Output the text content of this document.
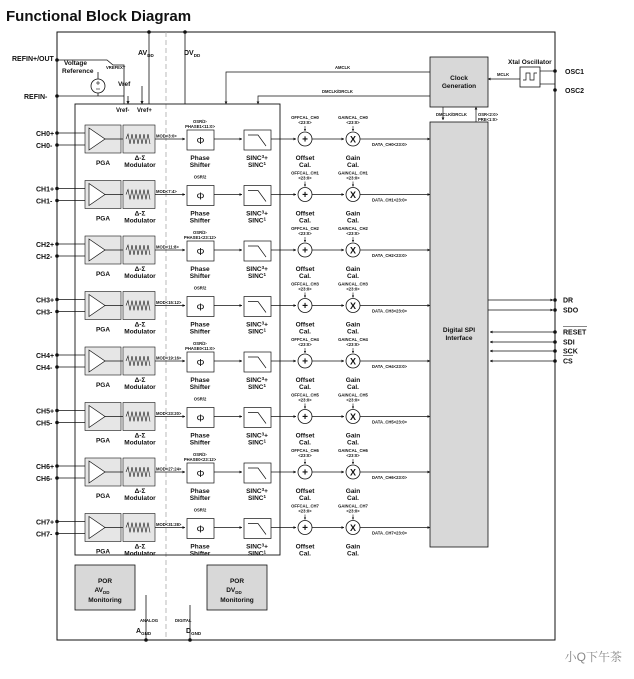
Functional Block Diagram
小Q下午茶
$AV_{DD}$	$DV_{DD}$
ANALOG	DIGITAL
$A_{GND}$	$D_{GND}$
REFIN+/OUT
REFIN-
Voltage
Reference
VREFEXT
Vref
Vref- Vref+
Clock
Generation
AMCLK
DMCLK/DRCLK
DMCLK/DRCLK	OSR<2:0>
PRE<1:0>
Xtal Oscillator
MCLK	OSC1
OSC2
Digital SPI
Interface
DR
SDO
RESET
SDI
SCK
CS
CH0+
CH0-
PGA
Δ-Σ
Modulator
MOD<3:0>
OSR/2-
PHASE1<11:0>
Φ
Phase
Shifter
$SINC^3+$
$SINC^1$
OFFCAL_CH0
<23:0>
+
Offset
Cal.
GAINCAL_CH0
<23:0>
X
Gain
Cal.
DATA_CH0<23:0>
CH1+
CH1-
PGA
Δ-Σ
Modulator
MOD<7:4>
OSR/2
Φ
Phase
Shifter
$SINC^3+$
$SINC^1$
OFFCAL_CH1
<23:0>
+
Offset
Cal.
GAINCAL_CH1
<23:0>
X
Gain
Cal.
DATA_CH1<23:0>
CH2+
CH2-
PGA
Δ-Σ
Modulator
MOD<11:8>
OSR/2-
PHASE1<23:12>
Φ
Phase
Shifter
$SINC^3+$
$SINC^1$
OFFCAL_CH2
<23:0>
+
Offset
Cal.
GAINCAL_CH2
<23:0>
X
Gain
Cal.
DATA_CH2<23:0>
CH3+
CH3-
PGA
Δ-Σ
Modulator
MOD<15:12>
OSR/2
Φ
Phase
Shifter
$SINC^3+$
$SINC^1$
OFFCAL_CH3
<23:0>
+
Offset
Cal.
GAINCAL_CH3
<23:0>
X
Gain
Cal.
DATA_CH3<23:0>
CH4+
CH4-
PGA
Δ-Σ
Modulator
MOD<19:16>
OSR/2-
PHASE0<11:0>
Φ
Phase
Shifter
$SINC^3+$
$SINC^1$
OFFCAL_CH4
<23:0>
+
Offset
Cal.
GAINCAL_CH4
<23:0>
X
Gain
Cal.
DATA_CH4<23:0>
CH5+
CH5-
PGA
Δ-Σ
Modulator
MOD<23:20>
OSR/2
Φ
Phase
Shifter
$SINC^3+$
$SINC^1$
OFFCAL_CH5
<23:0>
+
Offset
Cal.
GAINCAL_CH5
<23:0>
X
Gain
Cal.
DATA_CH5<23:0>
CH6+
CH6-
PGA
Δ-Σ
Modulator
MOD<27:24>
OSR/2-
PHASE0<23:12>
Φ
Phase
Shifter
$SINC^3+$
$SINC^1$
OFFCAL_CH6
<23:0>
+
Offset
Cal.
GAINCAL_CH6
<23:0>
X
Gain
Cal.
DATA_CH6<23:0>
CH7+
CH7-
PGA
Δ-Σ
Modulator
MOD<31:28>
OSR/2
Φ
Phase
Shifter
$SINC^3+$
$SINC^1$
OFFCAL_CH7
<23:0>
+
Offset
Cal.
GAINCAL_CH7
<23:0>
X
Gain
Cal.
DATA_CH7<23:0>
POR
$AV_{DD}$
Monitoring
POR
$DV_{DD}$
Monitoring
